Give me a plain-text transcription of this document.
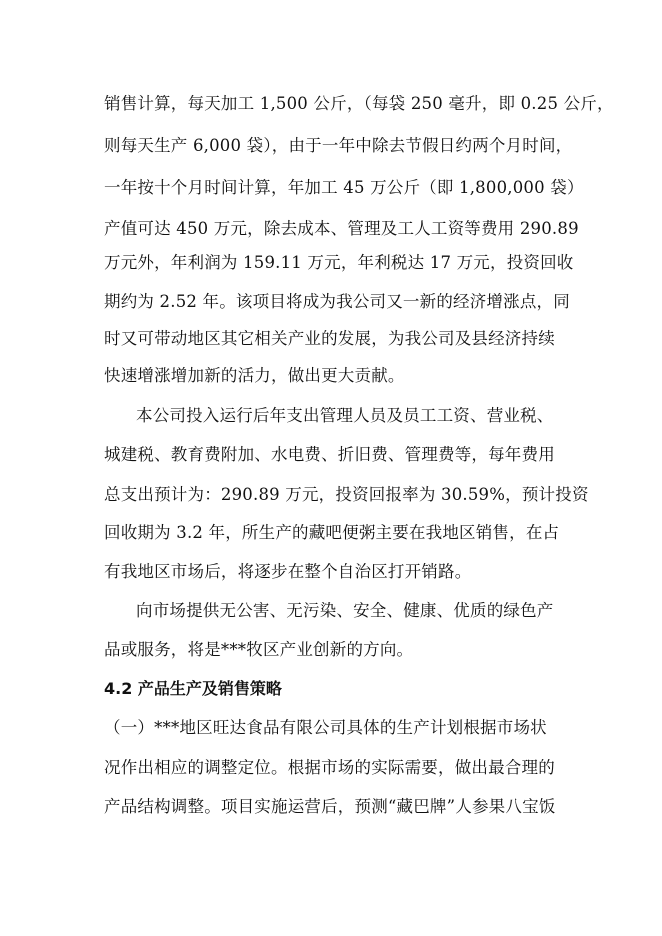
销售计算，每天加工 1,500 公斤，（每袋 250 毫升，即 0.25 公斤，
则每天生产 6,000 袋），由于一年中除去节假日约两个月时间，
一年按十个月时间计算，年加工 45 万公斤（即 1,800,000 袋）
产值可达 450 万元，除去成本、管理及工人工资等费用 290.89
万元外，年利润为 159.11 万元，年利税达 17 万元，投资回收
期约为 2.52 年。该项目将成为我公司又一新的经济增涨点，同
时又可带动地区其它相关产业的发展，为我公司及县经济持续
快速增涨增加新的活力，做出更大贡献。
本公司投入运行后年支出管理人员及员工工资、营业税、
城建税、教育费附加、水电费、折旧费、管理费等，每年费用
总支出预计为：290.89 万元，投资回报率为 30.59%，预计投资
回收期为 3.2 年，所生产的藏吧便粥主要在我地区销售，在占
有我地区市场后，将逐步在整个自治区打开销路。
向市场提供无公害、无污染、安全、健康、优质的绿色产
品或服务，将是***牧区产业创新的方向。
4.2 产品生产及销售策略
（一）***地区旺达食品有限公司具体的生产计划根据市场状
况作出相应的调整定位。根据市场的实际需要，做出最合理的
产品结构调整。项目实施运营后，预测“藏巴牌”人参果八宝饭
